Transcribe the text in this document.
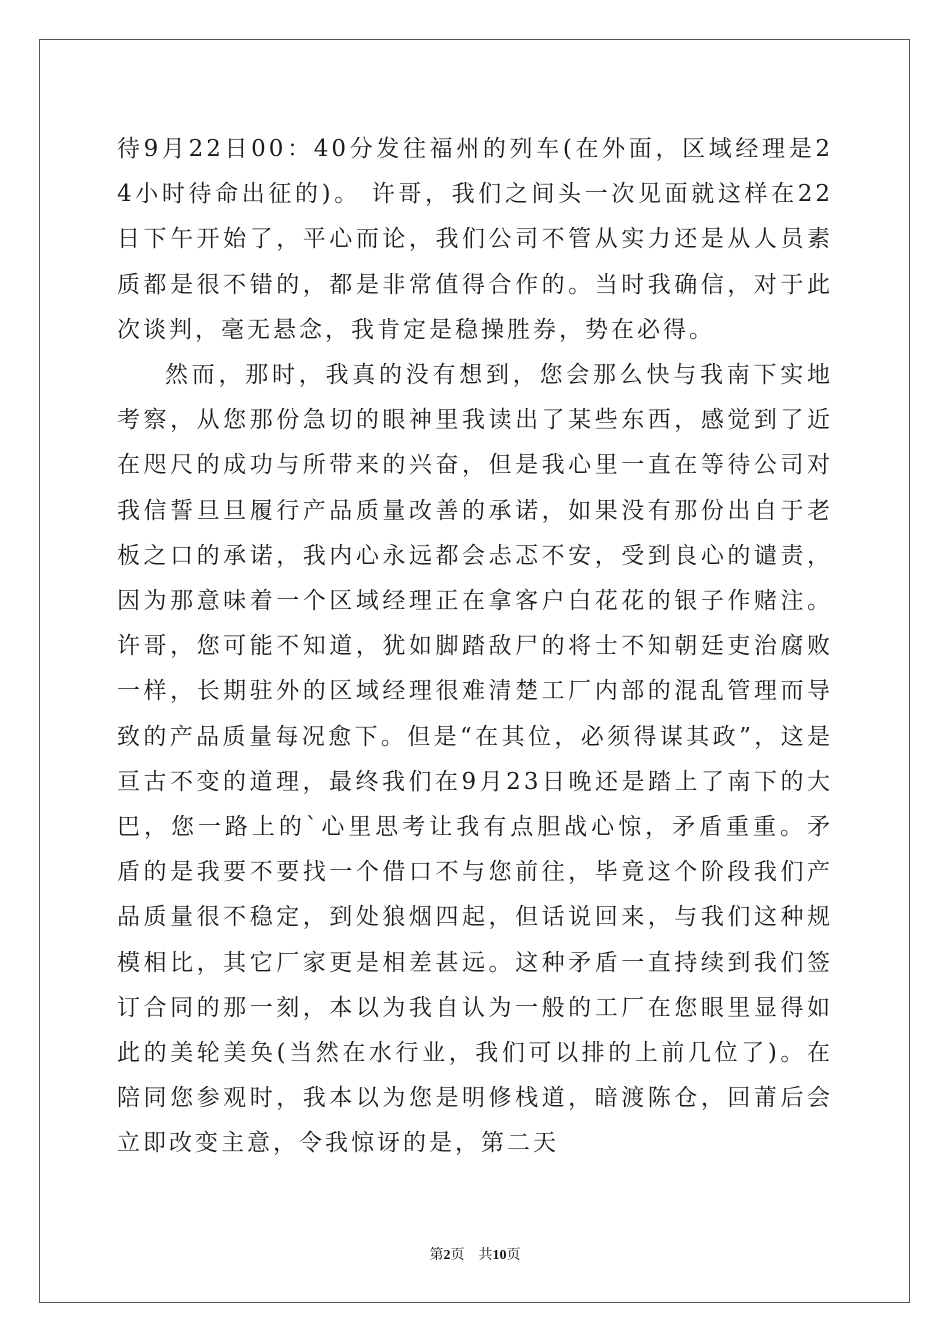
待9月22日00：40分发往福州的列车(在外面，区域经理是24小时待命出征的)。 许哥，我们之间头一次见面就这样在22日下午开始了，平心而论，我们公司不管从实力还是从人员素质都是很不错的，都是非常值得合作的。当时我确信，对于此次谈判，毫无悬念，我肯定是稳操胜券，势在必得。

然而，那时，我真的没有想到，您会那么快与我南下实地考察，从您那份急切的眼神里我读出了某些东西，感觉到了近在咫尺的成功与所带来的兴奋，但是我心里一直在等待公司对我信誓旦旦履行产品质量改善的承诺，如果没有那份出自于老板之口的承诺，我内心永远都会忐忑不安，受到良心的谴责，因为那意味着一个区域经理正在拿客户白花花的银子作赌注。许哥，您可能不知道，犹如脚踏敌尸的将士不知朝廷吏治腐败一样，长期驻外的区域经理很难清楚工厂内部的混乱管理而导致的产品质量每况愈下。但是“在其位，必须得谋其政”，这是亘古不变的道理，最终我们在9月23日晚还是踏上了南下的大巴，您一路上的`心里思考让我有点胆战心惊，矛盾重重。矛盾的是我要不要找一个借口不与您前往，毕竟这个阶段我们产品质量很不稳定，到处狼烟四起，但话说回来，与我们这种规模相比，其它厂家更是相差甚远。这种矛盾一直持续到我们签订合同的那一刻，本以为我自认为一般的工厂在您眼里显得如此的美轮美奂(当然在水行业，我们可以排的上前几位了)。在陪同您参观时，我本以为您是明修栈道，暗渡陈仓，回莆后会立即改变主意，令我惊讶的是，第二天

第2页 共10页
